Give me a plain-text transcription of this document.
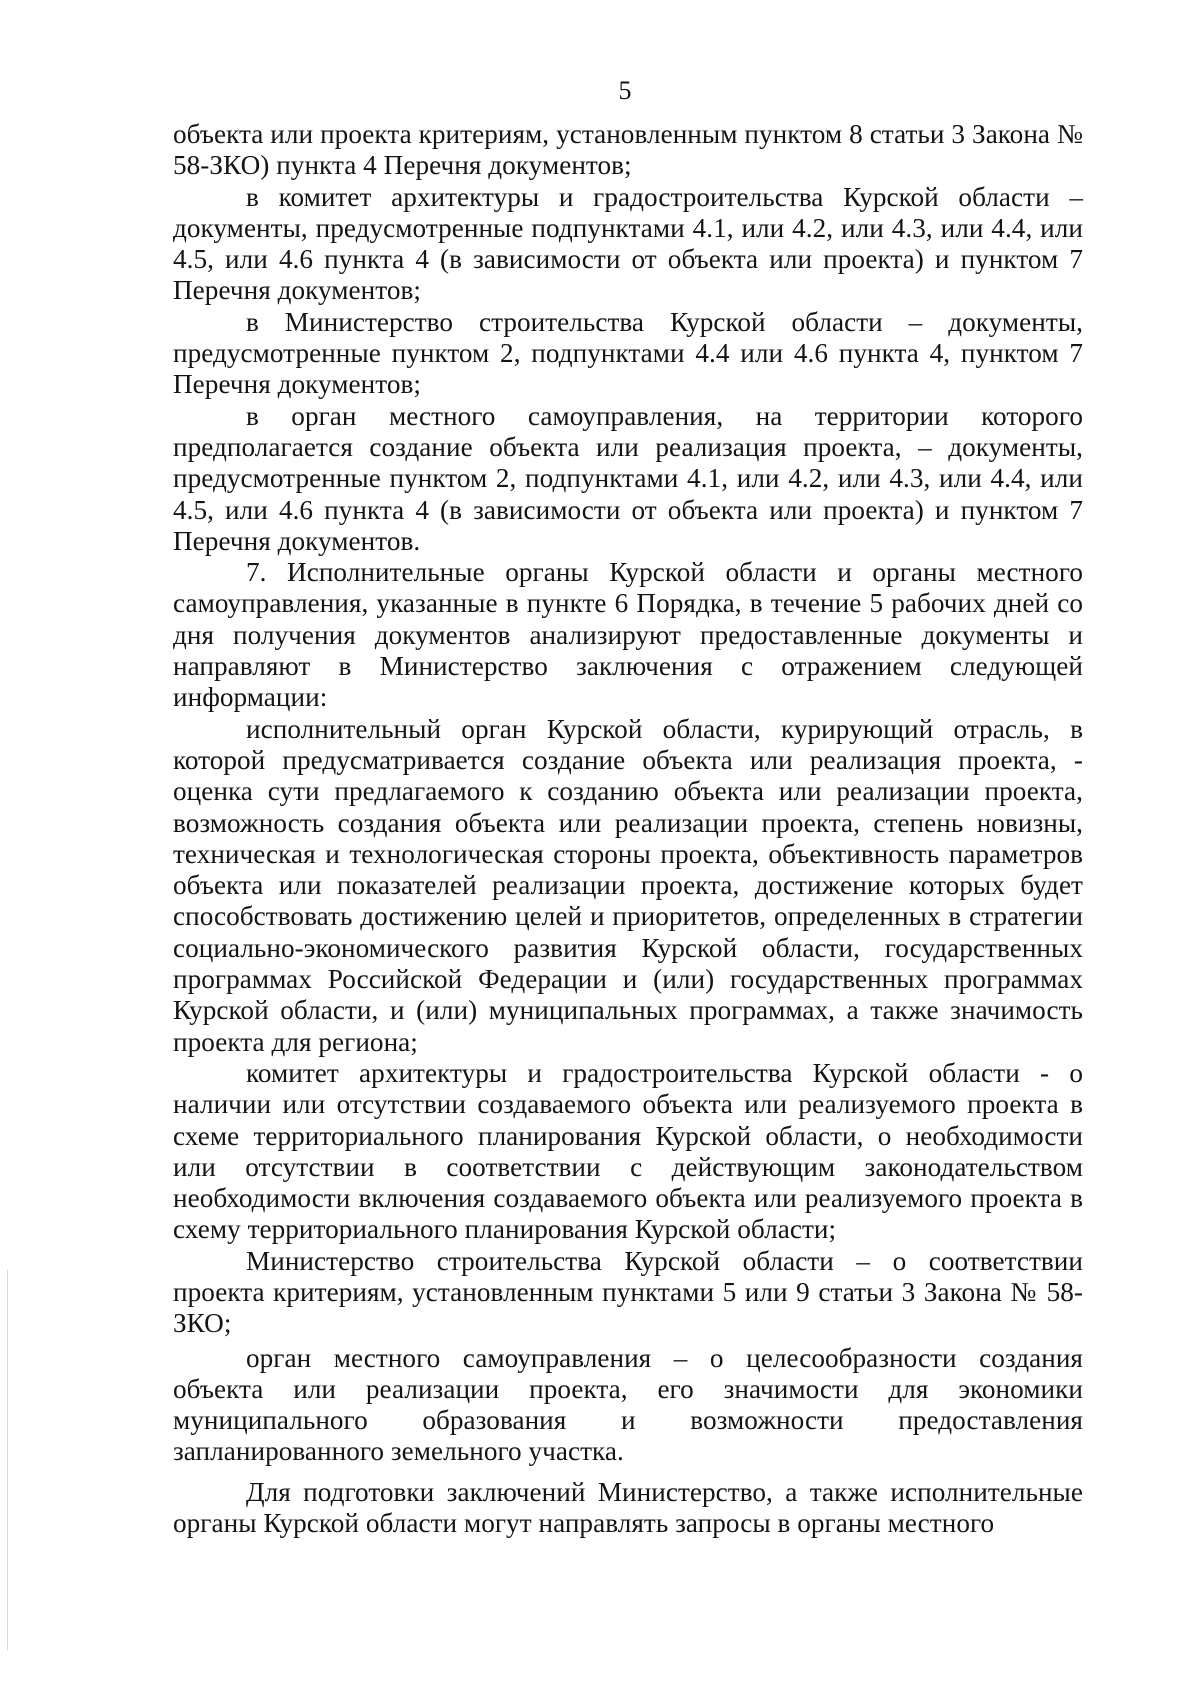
5

объекта или проекта критериям, установленным пунктом 8 статьи 3 Закона № 58-ЗКО) пункта 4 Перечня документов;

в комитет архитектуры и градостроительства Курской области – документы, предусмотренные подпунктами 4.1, или 4.2, или 4.3, или 4.4, или 4.5, или 4.6 пункта 4 (в зависимости от объекта или проекта) и пунктом 7 Перечня документов;

в Министерство строительства Курской области – документы, предусмотренные пунктом 2, подпунктами 4.4 или 4.6 пункта 4, пунктом 7 Перечня документов;

в орган местного самоуправления, на территории которого предполагается создание объекта или реализация проекта, – документы, предусмотренные пунктом 2, подпунктами 4.1, или 4.2, или 4.3, или 4.4, или 4.5, или 4.6 пункта 4 (в зависимости от объекта или проекта) и пунктом 7 Перечня документов.

7. Исполнительные органы Курской области и органы местного самоуправления, указанные в пункте 6 Порядка, в течение 5 рабочих дней со дня получения документов анализируют предоставленные документы и направляют в Министерство заключения с отражением следующей информации:

исполнительный орган Курской области, курирующий отрасль, в которой предусматривается создание объекта или реализация проекта, - оценка сути предлагаемого к созданию объекта или реализации проекта, возможность создания объекта или реализации проекта, степень новизны, техническая и технологическая стороны проекта, объективность параметров объекта или показателей реализации проекта, достижение которых будет способствовать достижению целей и приоритетов, определенных в стратегии социально-экономического развития Курской области, государственных программах Российской Федерации и (или) государственных программах Курской области, и (или) муниципальных программах, а также значимость проекта для региона;

комитет архитектуры и градостроительства Курской области - о наличии или отсутствии создаваемого объекта или реализуемого проекта в схеме территориального планирования Курской области, о необходимости или отсутствии в соответствии с действующим законодательством необходимости включения создаваемого объекта или реализуемого проекта в схему территориального планирования Курской области;

Министерство строительства Курской области – о соответствии проекта критериям, установленным пунктами 5 или 9 статьи 3 Закона № 58-ЗКО;

орган местного самоуправления – о целесообразности создания объекта или реализации проекта, его значимости для экономики муниципального образования и возможности предоставления запланированного земельного участка.

Для подготовки заключений Министерство, а также исполнительные органы Курской области могут направлять запросы в органы местного
